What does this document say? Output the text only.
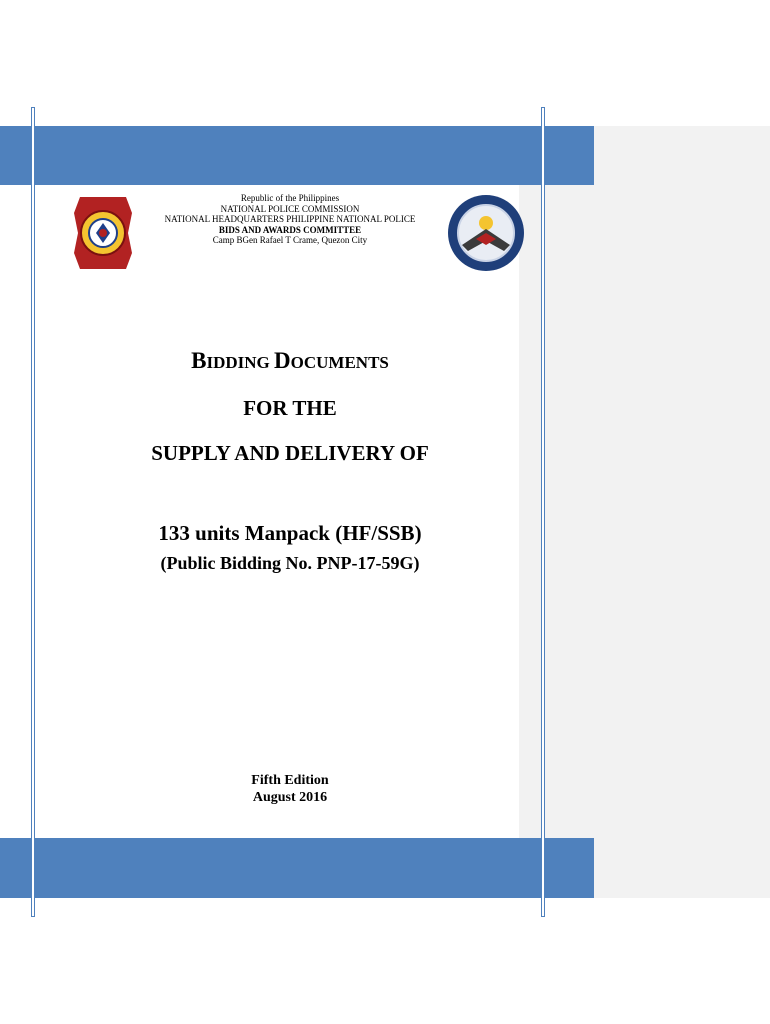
Republic of the Philippines
NATIONAL POLICE COMMISSION
NATIONAL HEADQUARTERS PHILIPPINE NATIONAL POLICE
BIDS AND AWARDS COMMITTEE
Camp BGen Rafael T Crame, Quezon City
BIDDING DOCUMENTS
FOR THE
SUPPLY AND DELIVERY OF
133 units Manpack (HF/SSB)
(Public Bidding No. PNP-17-59G)
Fifth Edition
August 2016
